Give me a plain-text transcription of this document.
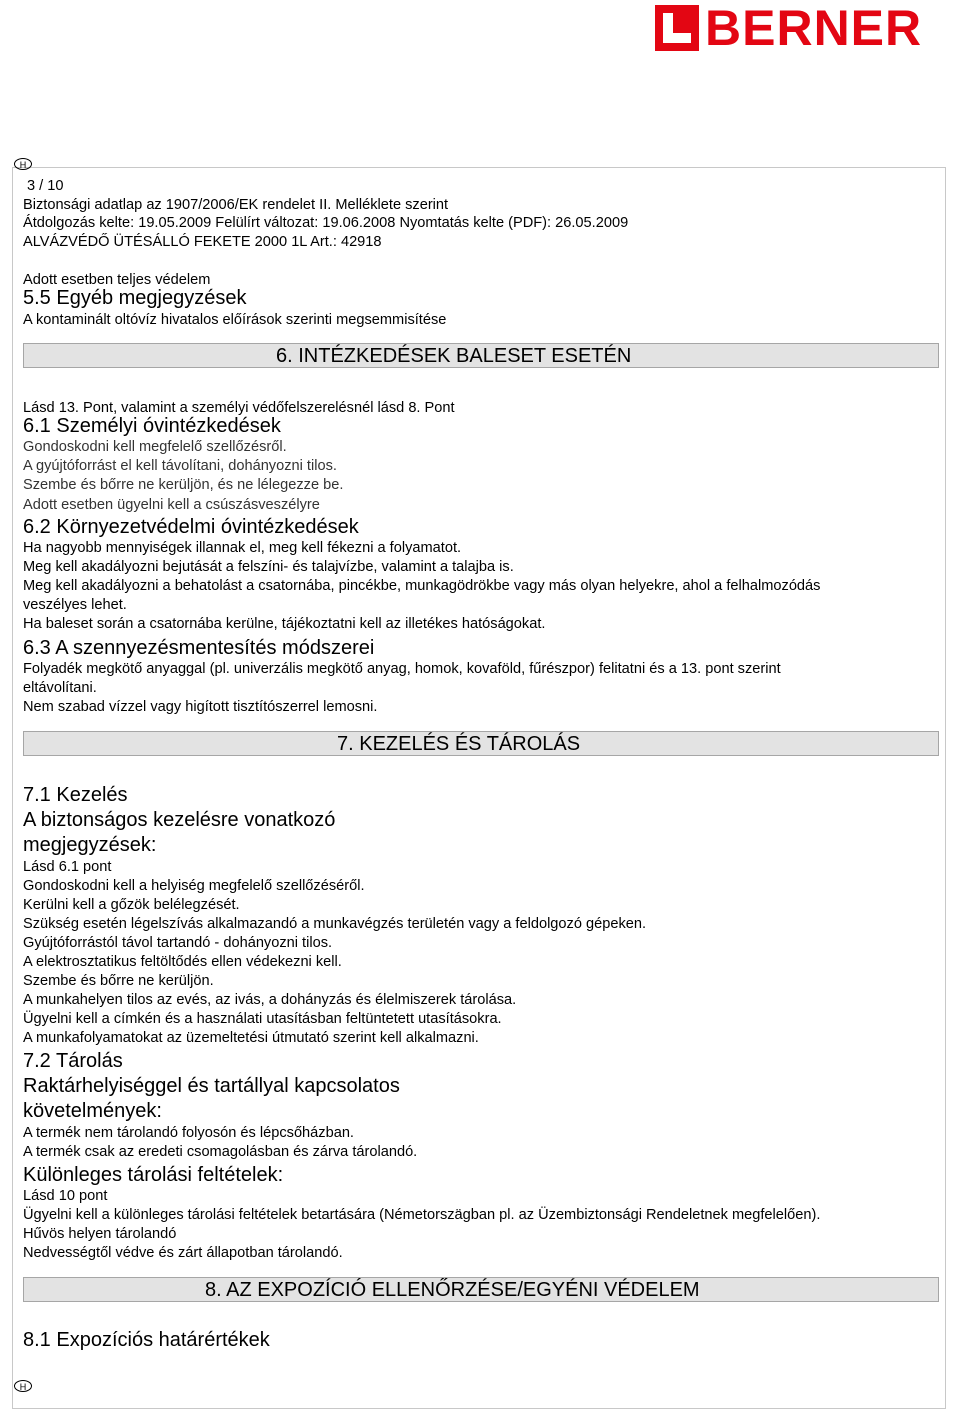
BERNER
H
3 / 10
Biztonsági adatlap az 1907/2006/EK rendelet II. Melléklete szerint
Átdolgozás kelte: 19.05.2009 Felülírt változat: 19.06.2008 Nyomtatás kelte (PDF): 26.05.2009
ALVÁZVÉDŐ ÜTÉSÁLLÓ FEKETE 2000 1L Art.: 42918
Adott esetben teljes védelem
5.5 Egyéb megjegyzések
A kontaminált oltóvíz hivatalos előírások szerinti megsemmisítése
6. INTÉZKEDÉSEK BALESET ESETÉN
Lásd 13. Pont, valamint a személyi védőfelszerelésnél lásd 8. Pont
6.1 Személyi óvintézkedések
Gondoskodni kell megfelelő szellőzésről.
A gyújtóforrást el kell távolítani, dohányozni tilos.
Szembe és bőrre ne kerüljön, és ne lélegezze be.
Adott esetben ügyelni kell a csúszásveszélyre
6.2 Környezetvédelmi óvintézkedések
Ha nagyobb mennyiségek illannak el, meg kell fékezni a folyamatot.
Meg kell akadályozni bejutását a felszíni- és talajvízbe, valamint a talajba is.
Meg kell akadályozni a behatolást a csatornába, pincékbe, munkagödrökbe vagy más olyan helyekre, ahol a felhalmozódás
veszélyes lehet.
Ha baleset során a csatornába kerülne, tájékoztatni kell az illetékes hatóságokat.
6.3 A szennyezésmentesítés módszerei
Folyadék megkötő anyaggal (pl. univerzális megkötő anyag, homok, kovaföld, fűrészpor) felitatni és a 13. pont szerint
eltávolítani.
Nem szabad vízzel vagy higított tisztítószerrel lemosni.
7. KEZELÉS ÉS TÁROLÁS
7.1 Kezelés
A biztonságos kezelésre vonatkozó
megjegyzések:
Lásd 6.1 pont
Gondoskodni kell a helyiség megfelelő szellőzéséről.
Kerülni kell a gőzök belélegzését.
Szükség esetén légelszívás alkalmazandó a munkavégzés területén vagy a feldolgozó gépeken.
Gyújtóforrástól távol tartandó - dohányozni tilos.
A elektrosztatikus feltöltődés ellen védekezni kell.
Szembe és bőrre ne kerüljön.
A munkahelyen tilos az evés, az ivás, a dohányzás és élelmiszerek tárolása.
Ügyelni kell a címkén és a használati utasításban feltüntetett utasításokra.
A munkafolyamatokat az üzemeltetési útmutató szerint kell alkalmazni.
7.2 Tárolás
Raktárhelyiséggel és tartállyal kapcsolatos
követelmények:
A termék nem tárolandó folyosón és lépcsőházban.
A termék csak az eredeti csomagolásban és zárva tárolandó.
Különleges tárolási feltételek:
Lásd 10 pont
Ügyelni kell a különleges tárolási feltételek betartására (Németorszägban pl. az Üzembiztonsági Rendeletnek megfelelően).
Hűvös helyen tárolandó
Nedvességtől védve és zárt állapotban tárolandó.
8. AZ EXPOZÍCIÓ ELLENŐRZÉSE/EGYÉNI VÉDELEM
8.1 Expozíciós határértékek
H
